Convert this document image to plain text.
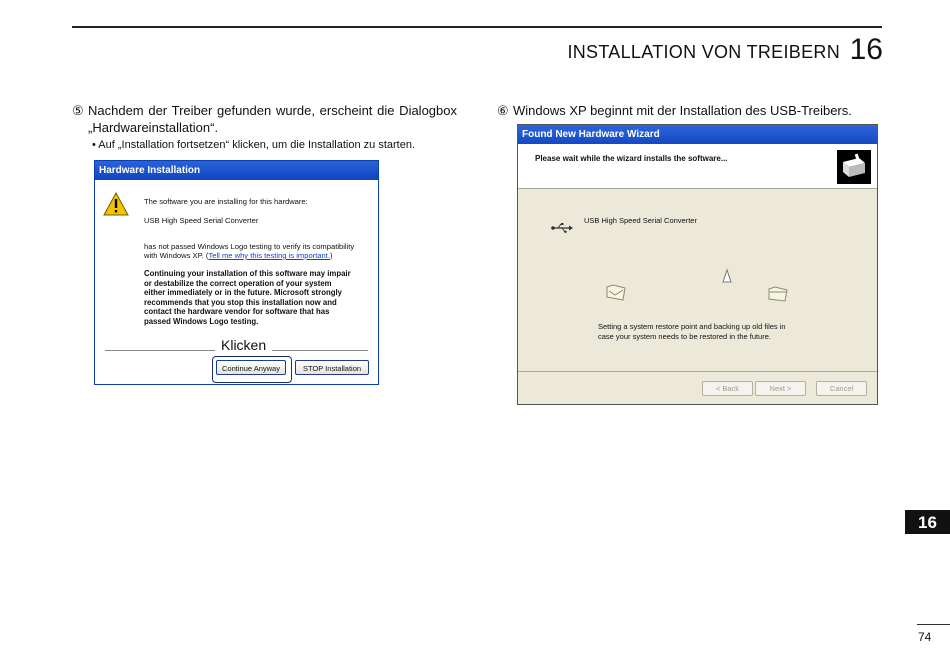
INSTALLATION VON TREIBERN 16
⑤ Nachdem der Treiber gefunden wurde, erscheint die Dialogbox
„Hardwareinstallation“.
• Auf „Installation fortsetzen“ klicken, um die Installation zu starten.
Hardware Installation
The software you are installing for this hardware:
USB High Speed Serial Converter
has not passed Windows Logo testing to verify its compatibility
with Windows XP. (Tell me why this testing is important.)
Continuing your installation of this software may impair
or destabilize the correct operation of your system
either immediately or in the future. Microsoft strongly
recommends that you stop this installation now and
contact the hardware vendor for software that has
passed Windows Logo testing.
Klicken
Continue Anyway	STOP Installation
⑥ Windows XP beginnt mit der Installation des USB-Treibers.
Found New Hardware Wizard
Please wait while the wizard installs the software...
USB High Speed Serial Converter
Setting a system restore point and backing up old files in
case your system needs to be restored in the future.
< Back	Next >	Cancel
16
74
